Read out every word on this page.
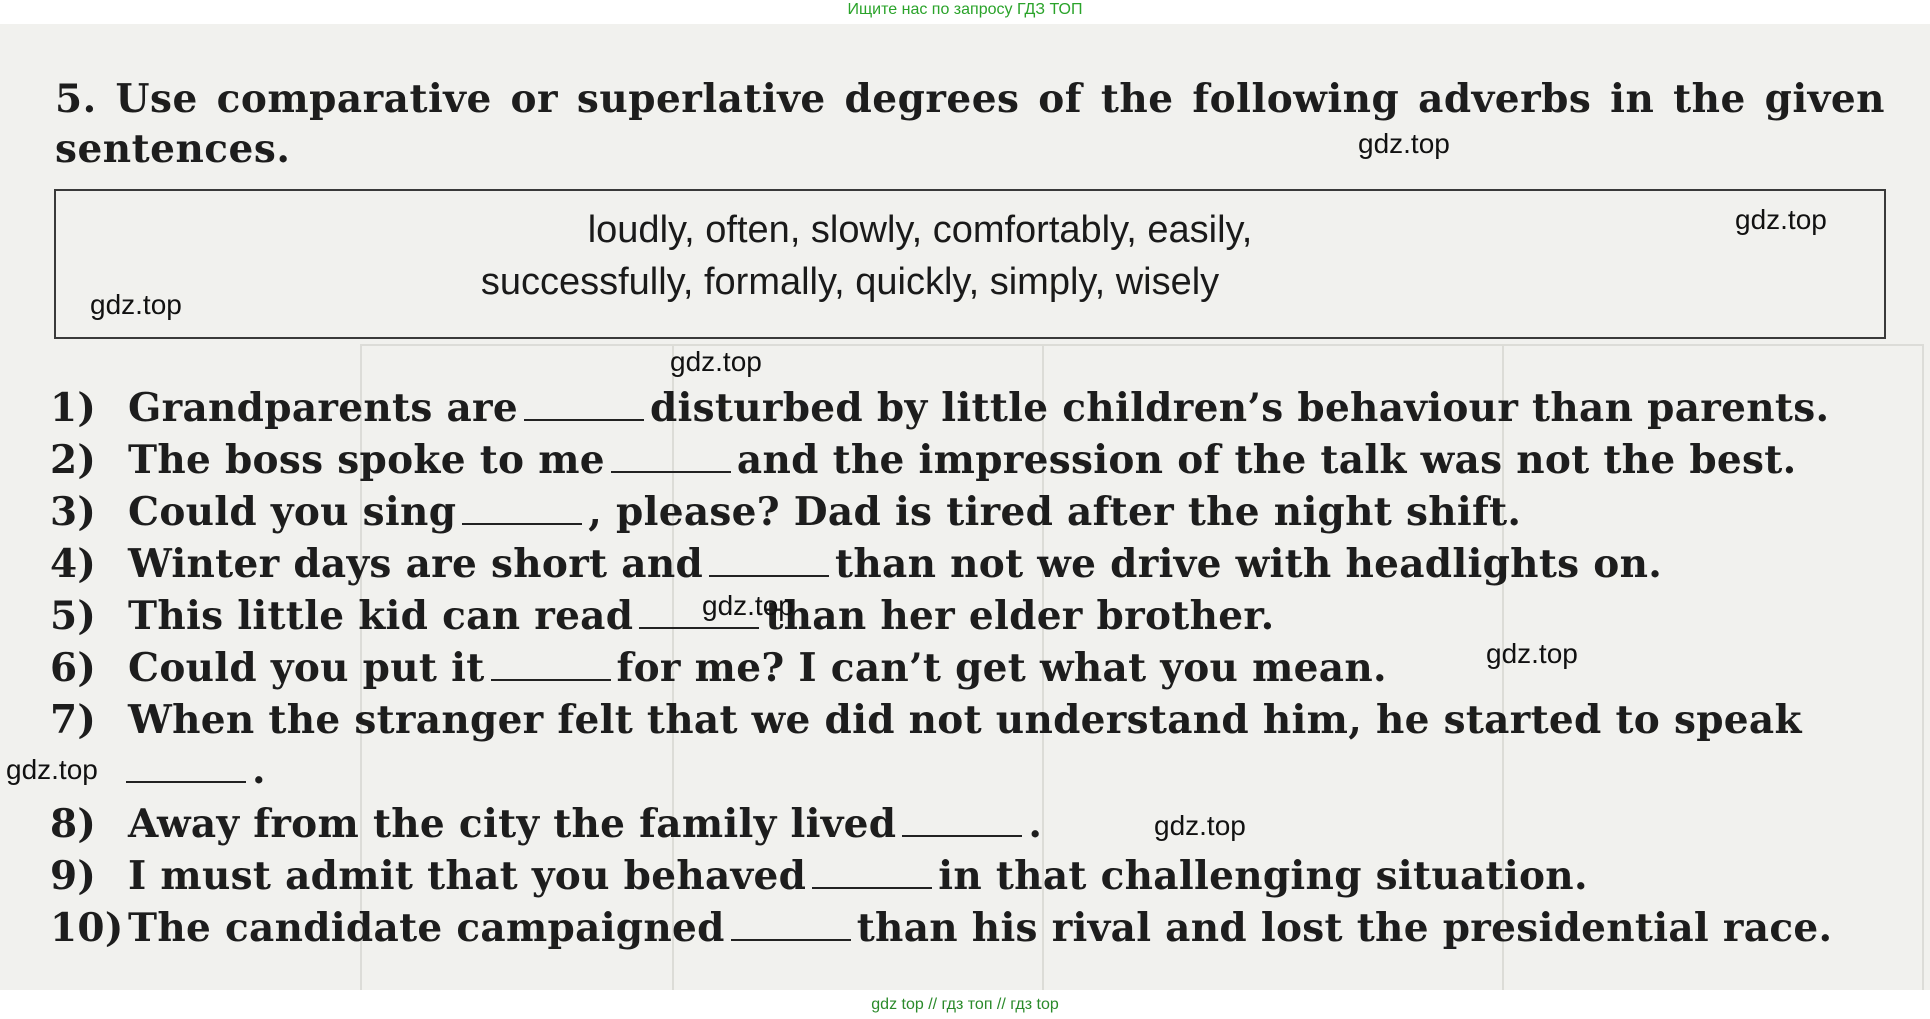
Ищите нас по запросу ГДЗ ТОП
5. Use comparative or superlative degrees of the following adverbs in the given sentences.
loudly, often, slowly, comfortably, easily,
successfully, formally, quickly, simply, wisely
1) Grandparents are	disturbed by little children’s behaviour than parents.
2) The boss spoke to me	and the impression of the talk was not the best.
3) Could you sing	, please? Dad is tired after the night shift.
4) Winter days are short and	than not we drive with headlights on.
5) This little kid can read	than her elder brother.
6) Could you put it	for me? I can’t get what you mean.
7) When the stranger felt that we did not understand him, he started to speak
.
8) Away from the city the family lived	.
9) I must admit that you behaved	in that challenging situation.
10) The candidate campaigned	than his rival and lost the presidential race.
gdz.top
gdz.top
gdz.top
gdz.top
gdz.top
gdz.top
gdz.top
gdz.top
gdz top // гдз топ // гдз top
